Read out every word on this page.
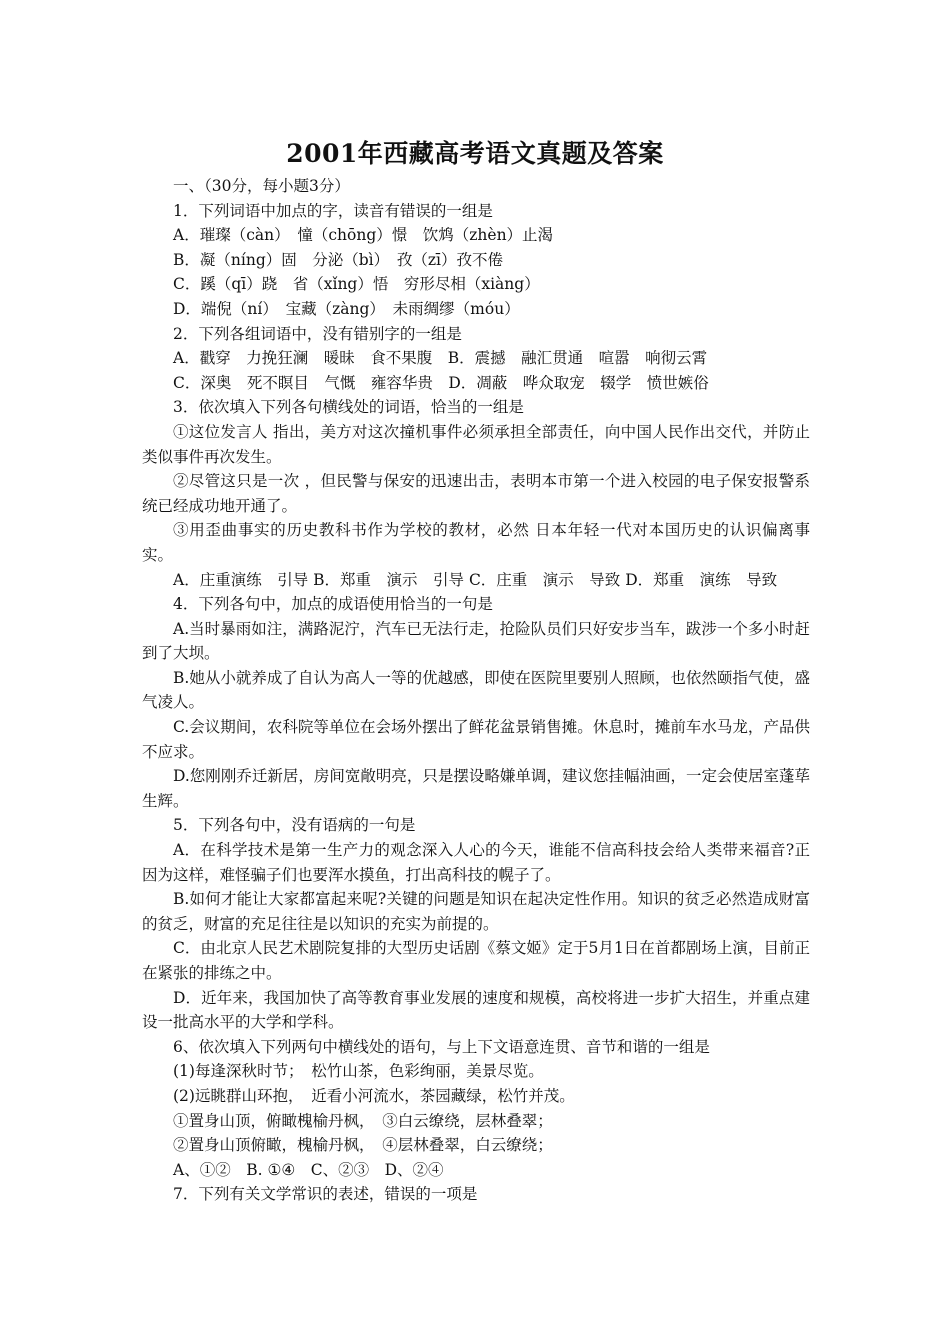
2001年西藏高考语文真题及答案

一、（30分，每小题3分）

1．下列词语中加点的字，读音有错误的一组是

A．璀璨（càn）　憧（chōng）憬　饮鸩（zhèn）止渴

B．凝（níng）固　分泌（bì）　孜（zī）孜不倦

C．蹊（qī）跷　省（xǐng）悟　穷形尽相（xiàng）

D．端倪（ní）　宝藏（zàng）　未雨绸缪（móu）

2．下列各组词语中，没有错别字的一组是

A．戳穿　力挽狂澜　暖昧　食不果腹　B．震撼　融汇贯通　喧嚣　响彻云霄

C．深奥　死不瞑目　气慨　雍容华贵　D．凋蔽　哗众取宠　辍学　愤世嫉俗

3．依次填入下列各句横线处的词语，恰当的一组是

①这位发言人 指出，美方对这次撞机事件必须承担全部责任，向中国人民作出交代，并防止类似事件再次发生。

②尽管这只是一次 ，但民警与保安的迅速出击，表明本市第一个进入校园的电子保安报警系统已经成功地开通了。

③用歪曲事实的历史教科书作为学校的教材，必然 日本年轻一代对本国历史的认识偏离事实。

A．庄重演练　引导 B．郑重　演示　引导 C．庄重　演示　导致 D．郑重　演练　导致

4．下列各句中，加点的成语使用恰当的一句是

A.当时暴雨如注，满路泥泞，汽车已无法行走，抢险队员们只好安步当车，跋涉一个多小时赶到了大坝。

B.她从小就养成了自认为高人一等的优越感，即使在医院里要别人照顾，也依然颐指气使，盛气凌人。

C.会议期间，农科院等单位在会场外摆出了鲜花盆景销售摊。休息时，摊前车水马龙，产品供不应求。

D.您刚刚乔迁新居，房间宽敞明亮，只是摆设略嫌单调，建议您挂幅油画，一定会使居室蓬荜生辉。

5．下列各句中，没有语病的一句是

A．在科学技术是第一生产力的观念深入人心的今天，谁能不信高科技会给人类带来福音?正因为这样，难怪骗子们也要浑水摸鱼，打出高科技的幌子了。

B.如何才能让大家都富起来呢?关键的问题是知识在起决定性作用。知识的贫乏必然造成财富的贫乏，财富的充足往往是以知识的充实为前提的。

C．由北京人民艺术剧院复排的大型历史话剧《蔡文姬》定于5月1日在首都剧场上演，目前正在紧张的排练之中。

D．近年来，我国加快了高等教育事业发展的速度和规模，高校将进一步扩大招生，并重点建设一批高水平的大学和学科。

6、依次填入下列两句中横线处的语句，与上下文语意连贯、音节和谐的一组是

(1)每逢深秋时节；　松竹山茶，色彩绚丽，美景尽览。

(2)远眺群山环抱，　近看小河流水，茶园藏绿，松竹并茂。

①置身山顶，俯瞰槐榆丹枫，　③白云缭绕，层林叠翠；

②置身山顶俯瞰，槐榆丹枫，　④层林叠翠，白云缭绕；

A、①②　B. ①④　C、②③　D、②④

7．下列有关文学常识的表述，错误的一项是
